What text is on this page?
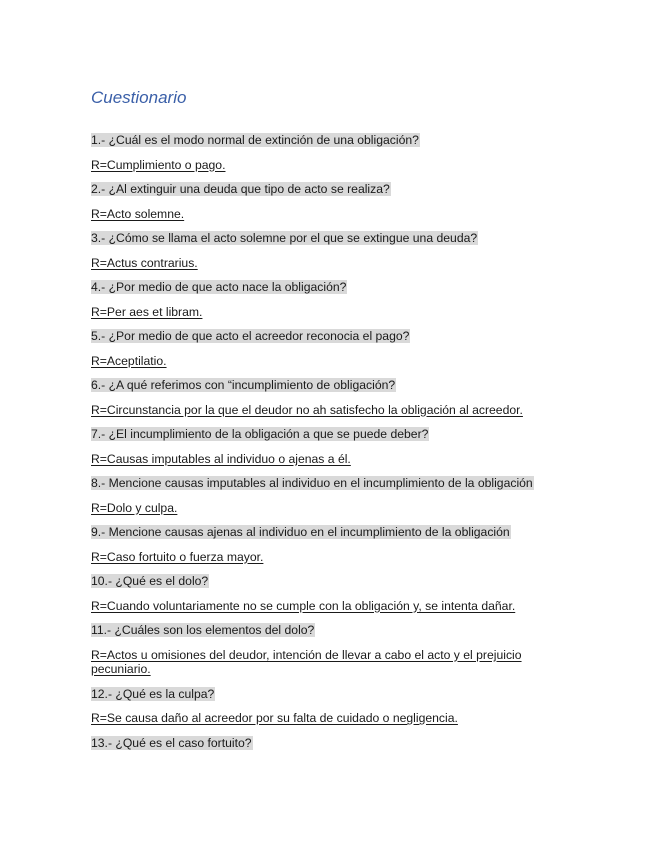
Cuestionario

1.- ¿Cuál es el modo normal de extinción de una obligación?

R=Cumplimiento o pago.

2.- ¿Al extinguir una deuda que tipo de acto se realiza?

R=Acto solemne.

3.- ¿Cómo se llama el acto solemne por el que se extingue una deuda?

R=Actus contrarius.

4.- ¿Por medio de que acto nace la obligación?

R=Per aes et libram.

5.- ¿Por medio de que acto el acreedor reconocia el pago?

R=Aceptilatio.

6.- ¿A qué referimos con “incumplimiento de obligación?

R=Circunstancia por la que el deudor no ah satisfecho la obligación al acreedor.

7.- ¿El incumplimiento de la obligación a que se puede deber?

R=Causas imputables al individuo o ajenas a él.

8.- Mencione causas imputables al individuo en el incumplimiento de la obligación

R=Dolo y culpa.

9.- Mencione causas ajenas al individuo en el incumplimiento de la obligación

R=Caso fortuito o fuerza mayor.

10.- ¿Qué es el dolo?

R=Cuando voluntariamente no se cumple con la obligación y, se intenta dañar.

11.- ¿Cuáles son los elementos del dolo?

R=Actos u omisiones del deudor, intención de llevar a cabo el acto y el prejuicio pecuniario.

12.- ¿Qué es la culpa?

R=Se causa daño al acreedor por su falta de cuidado o negligencia.

13.- ¿Qué es el caso fortuito?
